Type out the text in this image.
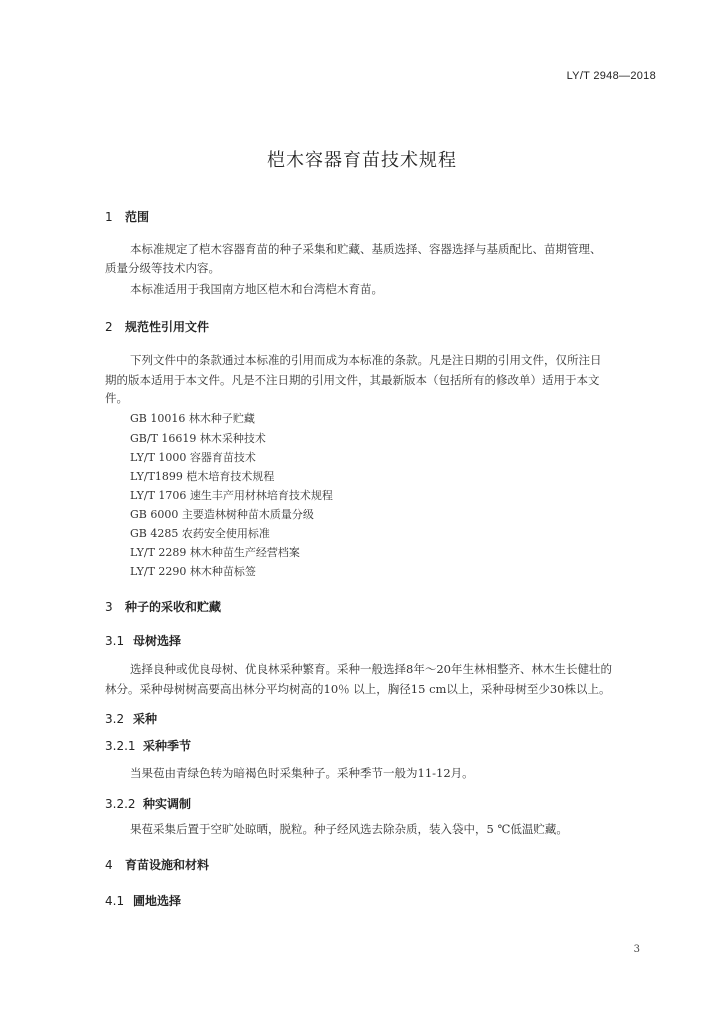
LY/T 2948—2018
桤木容器育苗技术规程
1 范围
本标准规定了桤木容器育苗的种子采集和贮藏、基质选择、容器选择与基质配比、苗期管理、
质量分级等技术内容。
本标准适用于我国南方地区桤木和台湾桤木育苗。
2 规范性引用文件
下列文件中的条款通过本标准的引用而成为本标准的条款。凡是注日期的引用文件，仅所注日
期的版本适用于本文件。凡是不注日期的引用文件，其最新版本（包括所有的修改单）适用于本文
件。
GB 10016 林木种子贮藏
GB/T 16619 林木采种技术
LY/T 1000 容器育苗技术
LY/T1899 桤木培育技术规程
LY/T 1706 速生丰产用材林培育技术规程
GB 6000 主要造林树种苗木质量分级
GB 4285 农药安全使用标准
LY/T 2289 林木种苗生产经营档案
LY/T 2290 林木种苗标签
3 种子的采收和贮藏
3.1 母树选择
选择良种或优良母树、优良林采种繁育。采种一般选择8年～20年生林相整齐、林木生长健壮的
林分。采种母树树高要高出林分平均树高的10％ 以上，胸径15 cm以上，采种母树至少30株以上。
3.2 采种
3.2.1 采种季节
当果苞由青绿色转为暗褐色时采集种子。采种季节一般为11-12月。
3.2.2 种实调制
果苞采集后置于空旷处晾晒，脱粒。种子经风选去除杂质，装入袋中，5 ℃低温贮藏。
4 育苗设施和材料
4.1 圃地选择
3
